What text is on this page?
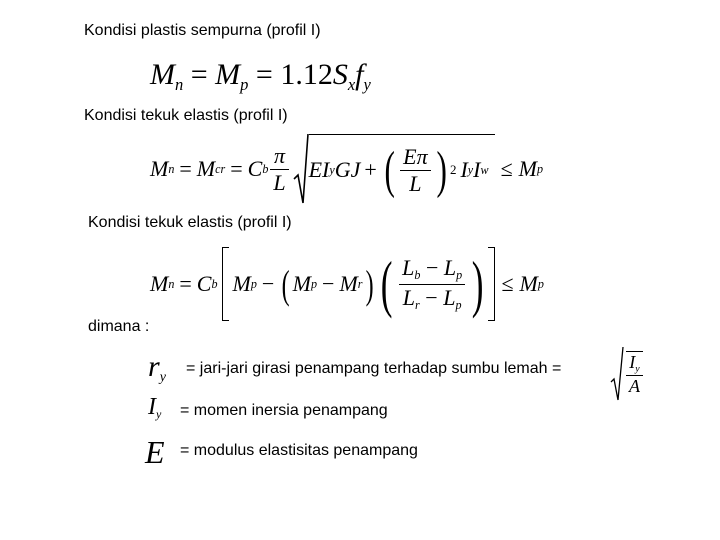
Kondisi plastis sempurna (profil I)
Kondisi tekuk elastis (profil I)
Kondisi tekuk elastis (profil I)
dimana :
$M_n = M_p = 1.12S_xf_y$
M n = M cr = C b $\frac{\pi}{L}$ EI y GJ + ( $\frac{E\pi}{L}$ ) 2 I y I w ≤ M p
M n = C b M p − ( M p − M r ) ( $\frac{L_b - L_p}{L_r - L_p}$ ) ≤ M p
$r_y$
= jari-jari girasi penampang terhadap sumbu lemah =	$\frac{I_y}{A}$
$I_y$ = momen inersia penampang
E = modulus elastisitas penampang
